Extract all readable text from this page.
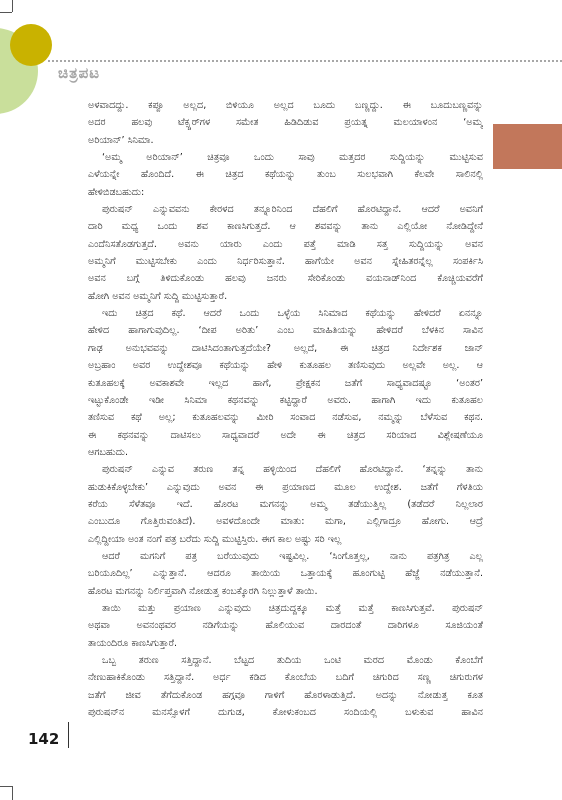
ಚಿತ್ರಪಟ
ಅಳವಾದದ್ದು. ಕಪ್ಪೂ ಅಲ್ಲದ, ಬಿಳಿಯೂ ಅಲ್ಲದ ಬೂದು ಬಣ್ಣದ್ದು. ಈ ಬೂದುಬಣ್ಣವನ್ನು
ಅದರ ಹಲವು ಟೆಕ್ಸ್ಚರ್‌ಗಳ ಸಮೇತ ಹಿಡಿದಿಡುವ ಪ್ರಯತ್ನ ಮಲಯಾಳಂನ ‘ಅಮ್ಮ
ಅರಿಯಾನ್’ ಸಿನಿಮಾ.
‘ಅಮ್ಮ ಅರಿಯಾನ್’ ಚಿತ್ರವೂ ಒಂದು ಸಾವು ಮತ್ತದರ ಸುದ್ದಿಯನ್ನು ಮುಟ್ಟಿಸುವ
ಎಳೆಯನ್ನೇ ಹೊಂದಿದೆ. ಈ ಚಿತ್ರದ ಕಥೆಯನ್ನು ತುಂಬ ಸುಲಭವಾಗಿ ಕೆಲವೇ ಸಾಲಿನಲ್ಲಿ
ಹೇಳಿಬಿಡಬಹುದು:
ಪುರುಷನ್ ಎನ್ನುವವನು ಕೇರಳದ ತನ್ನೂರಿನಿಂದ ದೆಹಲಿಗೆ ಹೊರಟಿದ್ದಾನೆ. ಆದರೆ ಅವನಿಗೆ
ದಾರಿ ಮಧ್ಯ ಒಂದು ಶವ ಕಾಣಸಿಗುತ್ತದೆ. ಆ ಶವವನ್ನು ತಾನು ಎಲ್ಲಿಯೋ ನೋಡಿದ್ದೇನೆ
ಎಂದೆನಿಸತೊಡಗುತ್ತದೆ. ಅವನು ಯಾರು ಎಂದು ಪತ್ತೆ ಮಾಡಿ ಸತ್ತ ಸುದ್ದಿಯನ್ನು ಅವನ
ಅಮ್ಮನಿಗೆ ಮುಟ್ಟಿಸಬೇಕು ಎಂದು ನಿರ್ಧರಿಸುತ್ತಾನೆ. ಹಾಗೆಯೇ ಅವನ ಸ್ನೇಹಿತರನ್ನೆಲ್ಲ ಸಂಪರ್ಕಿಸಿ
ಅವನ ಬಗ್ಗೆ ತಿಳಿದುಕೊಂಡು ಹಲವು ಜನರು ಸೇರಿಕೊಂಡು ವಯನಾಡ್‌ನಿಂದ ಕೊಚ್ಚಿಯವರೆಗೆ
ಹೋಗಿ ಅವನ ಅಮ್ಮನಿಗೆ ಸುದ್ದಿ ಮುಟ್ಟಿಸುತ್ತಾರೆ.
ಇದು ಚಿತ್ರದ ಕಥೆ. ಆದರೆ ಒಂದು ಒಳ್ಳೆಯ ಸಿನಿಮಾದ ಕಥೆಯನ್ನು ಹೇಳಿದರೆ ಏನನ್ನೂ
ಹೇಳಿದ ಹಾಗಾಗುವುದಿಲ್ಲ. ‘ದೀಪ ಅರಿತು’ ಎಂಬ ಮಾಹಿತಿಯನ್ನು ಹೇಳಿದರೆ ಬೆಳಕಿನ ಸಾವಿನ
ಗಾಢ ಅನುಭವವನ್ನು ದಾಟಿಸಿದಂತಾಗುತ್ತದೆಯೇ? ಅಲ್ಲದೆ, ಈ ಚಿತ್ರದ ನಿರ್ದೇಶಕ ಜಾನ್
ಅಬ್ರಹಾಂ ಅವರ ಉದ್ದೇಶವೂ ಕಥೆಯನ್ನು ಹೇಳಿ ಕುತೂಹಲ ತಣಿಸುವುದು ಅಲ್ಲವೇ ಅಲ್ಲ. ಆ
ಕುತೂಹಲಕ್ಕೆ ಅವಕಾಶವೇ ಇಲ್ಲದ ಹಾಗೆ, ಪ್ರೇಕ್ಷಕನ ಜತೆಗೆ ಸಾಧ್ಯವಾದಷ್ಟೂ ‘ಅಂತರ’
ಇಟ್ಟುಕೊಂಡೇ ಇಡೀ ಸಿನಿಮಾ ಕಥನವನ್ನು ಕಟ್ಟಿದ್ದಾರೆ ಅವರು. ಹಾಗಾಗಿ ಇದು ಕುತೂಹಲ
ತಣಿಸುವ ಕಥೆ ಅಲ್ಲ; ಕುತೂಹಲವನ್ನು ಮೀರಿ ಸಂವಾದ ನಡೆಸುವ, ನಮ್ಮನ್ನು ಬೆಳೆಸುವ ಕಥನ.
ಈ ಕಥನವನ್ನು ದಾಟಿಸಲು ಸಾಧ್ಯವಾದರೆ ಅದೇ ಈ ಚಿತ್ರದ ಸರಿಯಾದ ವಿಶ್ಲೇಷಣೆಯೂ
ಆಗಬಹುದು.
ಪುರುಷನ್ ಎನ್ನುವ ತರುಣ ತನ್ನ ಹಳ್ಳಿಯಿಂದ ದೆಹಲಿಗೆ ಹೊರಟಿದ್ದಾನೆ. ‘ತನ್ನನ್ನು ತಾನು
ಹುಡುಕಿಕೊಳ್ಳಬೇಕು’ ಎನ್ನುವುದು ಅವನ ಈ ಪ್ರಯಾಣದ ಮೂಲ ಉದ್ದೇಶ. ಜತೆಗೆ ಗೆಳತಿಯ
ಕರೆಯ ಸೆಳೆತವೂ ಇದೆ. ಹೊರಟ ಮಗನನ್ನು ಅಮ್ಮ ತಡೆಯುತ್ತಿಲ್ಲ (ತಡೆದರೆ ನಿಲ್ಲಲಾರ
ಎಂಬುದೂ ಗೊತ್ತಿರುವಂತಿದೆ). ಅವಳದೊಂದೇ ಮಾತು: ಮಗಾ, ಎಲ್ಲಿಗಾದ್ರೂ ಹೋಗು. ಆದ್ರೆ
ಎಲ್ಲಿದ್ದೀಯಾ ಅಂತ ನಂಗೆ ಪತ್ರ ಬರೆದು ಸುದ್ದಿ ಮುಟ್ಟಿಸ್ತಿರು. ಈಗ ಕಾಲ ಅಷ್ಟು ಸರಿ ಇಲ್ಲ
ಆದರೆ ಮಗನಿಗೆ ಪತ್ರ ಬರೆಯುವುದು ಇಷ್ಟವಿಲ್ಲ. ‘ಸಿಂಗೊತ್ತಲ್ಲ, ನಾನು ಪತ್ರಗಿತ್ರ ಎಲ್ಲ
ಬರಿಯೂದಿಲ್ಲ’ ಎನ್ನುತ್ತಾನೆ. ಆದರೂ ತಾಯಿಯ ಒತ್ತಾಯಕ್ಕೆ ಹೂಂಗುಟ್ಟಿ ಹೆಜ್ಜೆ ನಡೆಯುತ್ತಾನೆ.
ಹೊರಟ ಮಗನನ್ನು ನಿರ್ಲಿಪ್ತವಾಗಿ ನೋಡುತ್ತ ಕಂಬಕ್ಕೊರಗಿ ನಿಲ್ಲುತ್ತಾಳೆ ತಾಯಿ.
ತಾಯಿ ಮತ್ತು ಪ್ರಯಾಣ ಎನ್ನುವುದು ಚಿತ್ರದುದ್ದಕ್ಕೂ ಮತ್ತೆ ಮತ್ತೆ ಕಾಣಸಿಗುತ್ತವೆ. ಪುರುಷನ್
ಅಥವಾ ಅವನಂಥವರ ನಡಿಗೆಯನ್ನು ಹೊಲಿಯುವ ದಾರದಂತೆ ದಾರಿಗಳೂ ಸೂಜಿಯಂತೆ
ತಾಯಂದಿರೂ ಕಾಣಸಿಗುತ್ತಾರೆ.
ಒಬ್ಬ ತರುಣ ಸತ್ತಿದ್ದಾನೆ. ಬೆಟ್ಟದ ತುದಿಯ ಒಂಟಿ ಮರದ ಮೊಂಡು ಕೊಂಬೆಗೆ
ನೇಣುಹಾಕಿಕೊಂಡು ಸತ್ತಿದ್ದಾನೆ. ಅರ್ಧ ಕಡಿದ ಕೊಂಬೆಯ ಬದಿಗೆ ಚಿಗುರಿದ ಸಣ್ಣ ಚಿಗುರುಗಳ
ಜತೆಗೆ ಜೀವ ತೆಗೆದುಕೊಂಡ ಹಗ್ಗವೂ ಗಾಳಿಗೆ ಹೊರಳಾಡುತ್ತಿದೆ. ಅದನ್ನು ನೋಡುತ್ತ ಕೂತ
ಪುರುಷನ್‌ನ ಮನಸ್ಸೊಳಗೆ ದುಗುಡ, ಕೋಳುಕಂಬದ ಸಂದಿಯಲ್ಲಿ ಬಳುಕುವ ಹಾವಿನ
142
